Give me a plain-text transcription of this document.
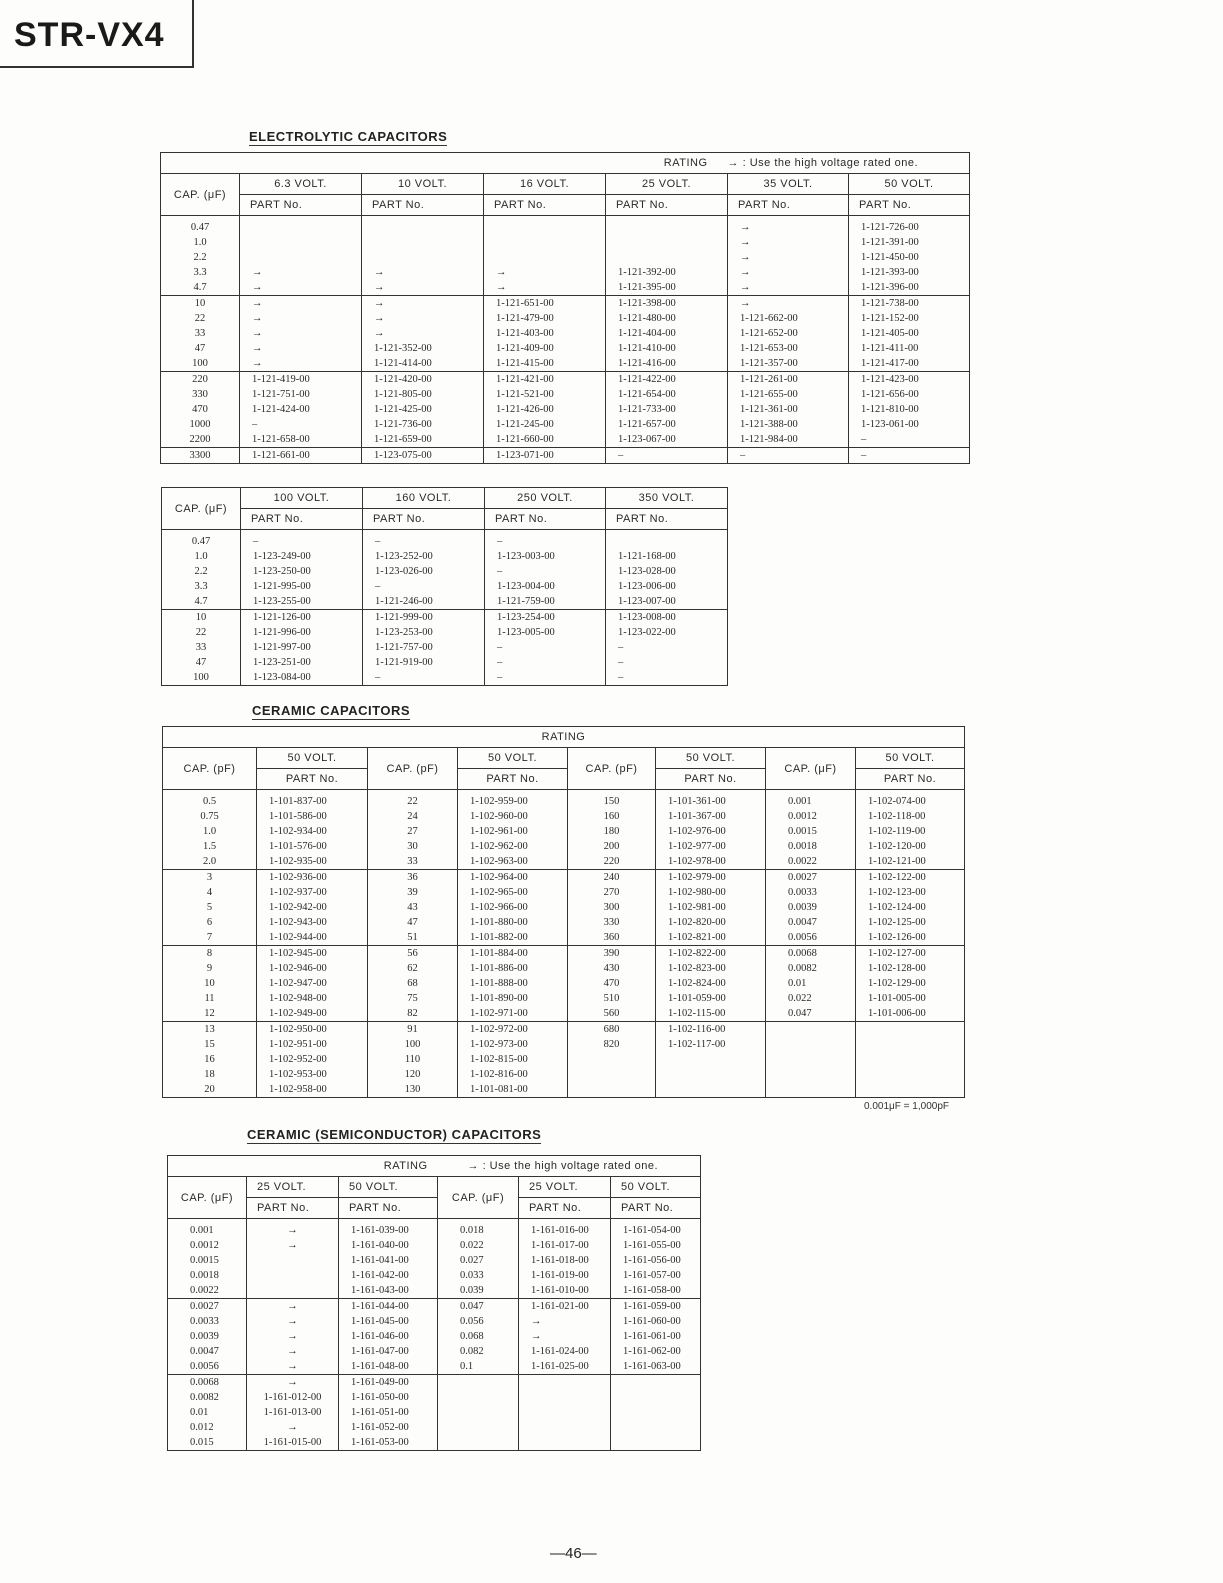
STR-VX4
ELECTROLYTIC CAPACITORS
RATING					→ : Use the high voltage rated one.	
CAP. (μF)	6.3 VOLT.	10 VOLT.	16 VOLT.	25 VOLT.	35 VOLT.	50 VOLT.
	PART No.	PART No.	PART No.	PART No.	PART No.	PART No.
0.47					→	1-121-726-00
1.0					→	1-121-391-00
2.2					→	1-121-450-00
3.3	→	→	→	1-121-392-00	→	1-121-393-00
4.7	→	→	→	1-121-395-00	→	1-121-396-00
10	→	→	1-121-651-00	1-121-398-00	→	1-121-738-00
22	→	→	1-121-479-00	1-121-480-00	1-121-662-00	1-121-152-00
33	→	→	1-121-403-00	1-121-404-00	1-121-652-00	1-121-405-00
47	→	1-121-352-00	1-121-409-00	1-121-410-00	1-121-653-00	1-121-411-00
100	→	1-121-414-00	1-121-415-00	1-121-416-00	1-121-357-00	1-121-417-00
220	1-121-419-00	1-121-420-00	1-121-421-00	1-121-422-00	1-121-261-00	1-121-423-00
330	1-121-751-00	1-121-805-00	1-121-521-00	1-121-654-00	1-121-655-00	1-121-656-00
470	1-121-424-00	1-121-425-00	1-121-426-00	1-121-733-00	1-121-361-00	1-121-810-00
1000	–	1-121-736-00	1-121-245-00	1-121-657-00	1-121-388-00	1-123-061-00
2200	1-121-658-00	1-121-659-00	1-121-660-00	1-123-067-00	1-121-984-00	–
3300	1-121-661-00	1-123-075-00	1-123-071-00	–	–	–
CAP. (μF)	100 VOLT.	160 VOLT.	250 VOLT.	350 VOLT.
	PART No.	PART No.	PART No.	PART No.
0.47	–	–	–	
1.0	1-123-249-00	1-123-252-00	1-123-003-00	1-121-168-00
2.2	1-123-250-00	1-123-026-00	–	1-123-028-00
3.3	1-121-995-00	–	1-123-004-00	1-123-006-00
4.7	1-123-255-00	1-121-246-00	1-121-759-00	1-123-007-00
10	1-121-126-00	1-121-999-00	1-123-254-00	1-123-008-00
22	1-121-996-00	1-123-253-00	1-123-005-00	1-123-022-00
33	1-121-997-00	1-121-757-00	–	–
47	1-123-251-00	1-121-919-00	–	–
100	1-123-084-00	–	–	–
CERAMIC CAPACITORS
RATING							
CAP. (pF)	50 VOLT.	CAP. (pF)	50 VOLT.	CAP. (pF)	50 VOLT.	CAP. (μF)	50 VOLT.
	PART No.		PART No.		PART No.		PART No.
0.5	1-101-837-00	22	1-102-959-00	150	1-101-361-00	0.001	1-102-074-00
0.75	1-101-586-00	24	1-102-960-00	160	1-101-367-00	0.0012	1-102-118-00
1.0	1-102-934-00	27	1-102-961-00	180	1-102-976-00	0.0015	1-102-119-00
1.5	1-101-576-00	30	1-102-962-00	200	1-102-977-00	0.0018	1-102-120-00
2.0	1-102-935-00	33	1-102-963-00	220	1-102-978-00	0.0022	1-102-121-00
3	1-102-936-00	36	1-102-964-00	240	1-102-979-00	0.0027	1-102-122-00
4	1-102-937-00	39	1-102-965-00	270	1-102-980-00	0.0033	1-102-123-00
5	1-102-942-00	43	1-102-966-00	300	1-102-981-00	0.0039	1-102-124-00
6	1-102-943-00	47	1-101-880-00	330	1-102-820-00	0.0047	1-102-125-00
7	1-102-944-00	51	1-101-882-00	360	1-102-821-00	0.0056	1-102-126-00
8	1-102-945-00	56	1-101-884-00	390	1-102-822-00	0.0068	1-102-127-00
9	1-102-946-00	62	1-101-886-00	430	1-102-823-00	0.0082	1-102-128-00
10	1-102-947-00	68	1-101-888-00	470	1-102-824-00	0.01	1-102-129-00
11	1-102-948-00	75	1-101-890-00	510	1-101-059-00	0.022	1-101-005-00
12	1-102-949-00	82	1-102-971-00	560	1-102-115-00	0.047	1-101-006-00
13	1-102-950-00	91	1-102-972-00	680	1-102-116-00		
15	1-102-951-00	100	1-102-973-00	820	1-102-117-00		
16	1-102-952-00	110	1-102-815-00				
18	1-102-953-00	120	1-102-816-00				
20	1-102-958-00	130	1-101-081-00				
0.001μF = 1,000pF
CERAMIC (SEMICONDUCTOR) CAPACITORS
RATING			→ : Use the high voltage rated one.		
CAP. (μF)	25 VOLT.	50 VOLT.	CAP. (μF)	25 VOLT.	50 VOLT.
	PART No.	PART No.		PART No.	PART No.
0.001	→	1-161-039-00	0.018	1-161-016-00	1-161-054-00
0.0012	→	1-161-040-00	0.022	1-161-017-00	1-161-055-00
0.0015		1-161-041-00	0.027	1-161-018-00	1-161-056-00
0.0018		1-161-042-00	0.033	1-161-019-00	1-161-057-00
0.0022		1-161-043-00	0.039	1-161-010-00	1-161-058-00
0.0027	→	1-161-044-00	0.047	1-161-021-00	1-161-059-00
0.0033	→	1-161-045-00	0.056	→	1-161-060-00
0.0039	→	1-161-046-00	0.068	→	1-161-061-00
0.0047	→	1-161-047-00	0.082	1-161-024-00	1-161-062-00
0.0056	→	1-161-048-00	0.1	1-161-025-00	1-161-063-00
0.0068	→	1-161-049-00			
0.0082	1-161-012-00	1-161-050-00			
0.01	1-161-013-00	1-161-051-00			
0.012	→	1-161-052-00			
0.015	1-161-015-00	1-161-053-00			
—46—
